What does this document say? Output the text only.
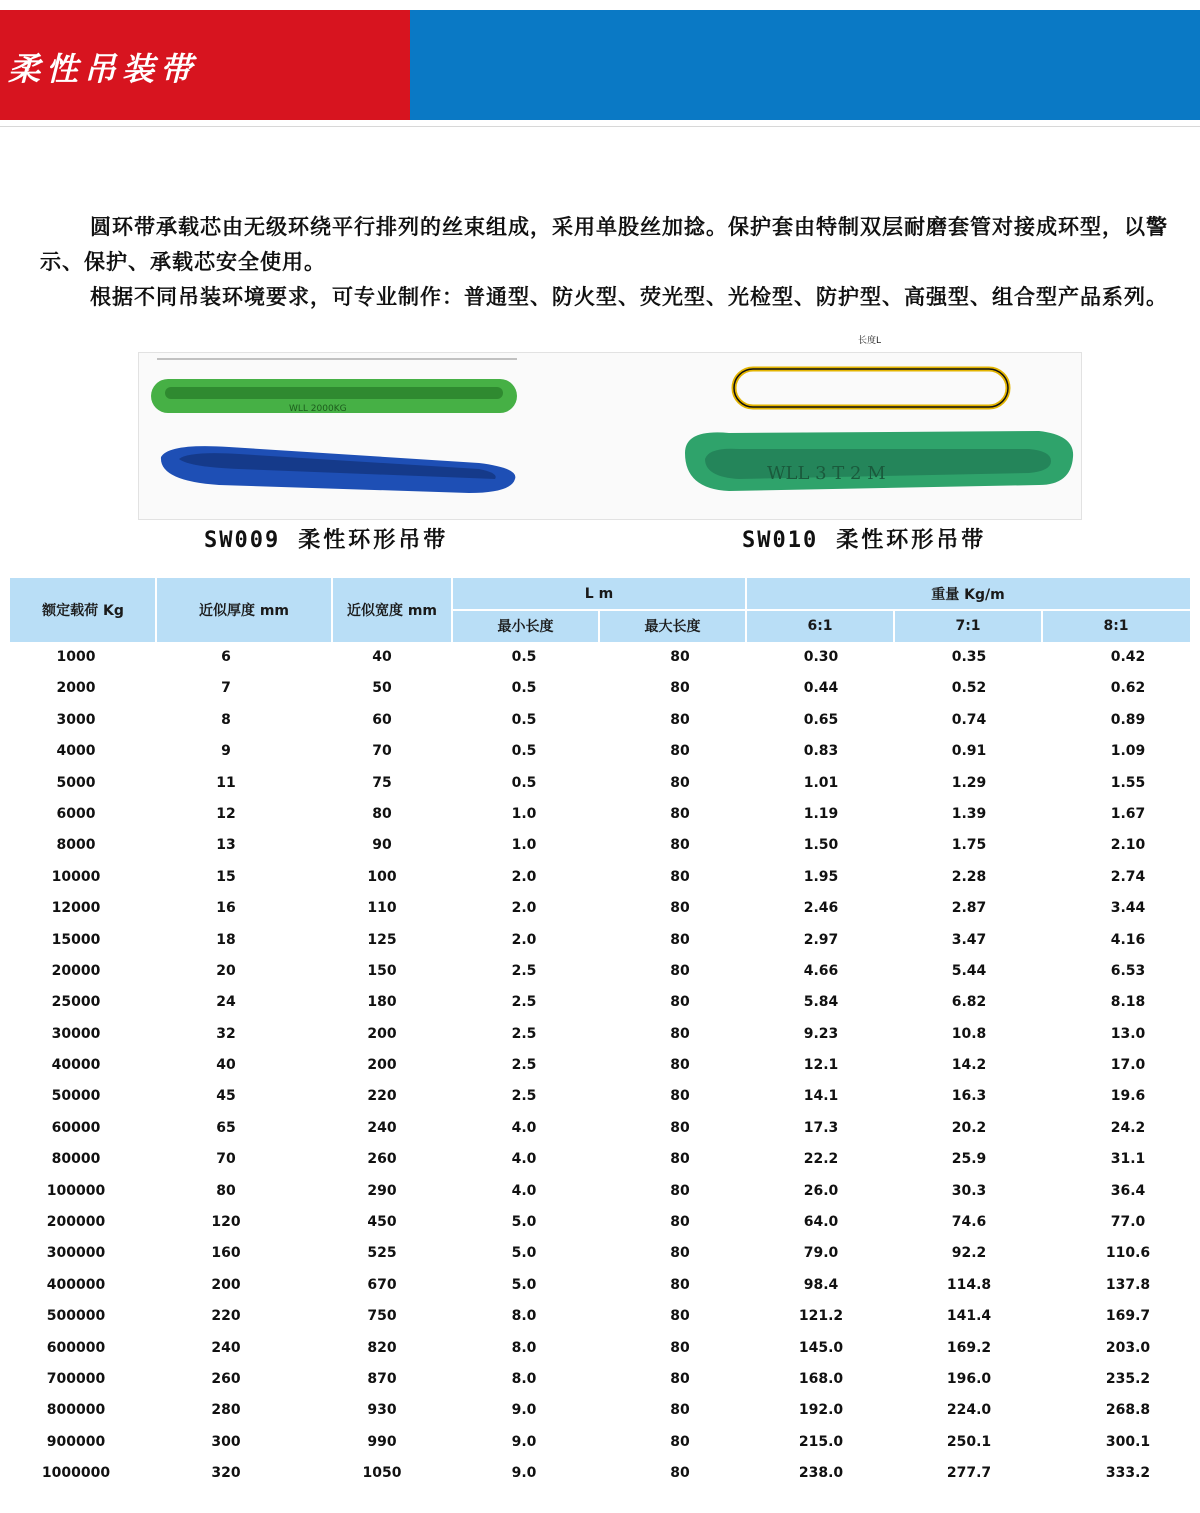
柔性吊装带

圆环带承载芯由无级环绕平行排列的丝束组成，采用单股丝加捻。保护套由特制双层耐磨套管对接成环型，以警示、保护、承载芯安全使用。

根据不同吊装环境要求，可专业制作：普通型、防火型、荧光型、光检型、防护型、高强型、组合型产品系列。

WLL 2000KG
WLL 3 T 2 M
长度L
SW009 柔性环形吊带	SW010 柔性环形吊带
额定载荷 Kg	近似厚度 mm	近似宽度 mm
L m
最小长度	最大长度
重量 Kg/m
6:1	7:1	8:1
1000	6	40	0.5	80	0.30	0.35	0.42
2000	7	50	0.5	80	0.44	0.52	0.62
3000	8	60	0.5	80	0.65	0.74	0.89
4000	9	70	0.5	80	0.83	0.91	1.09
5000	11	75	0.5	80	1.01	1.29	1.55
6000	12	80	1.0	80	1.19	1.39	1.67
8000	13	90	1.0	80	1.50	1.75	2.10
10000	15	100	2.0	80	1.95	2.28	2.74
12000	16	110	2.0	80	2.46	2.87	3.44
15000	18	125	2.0	80	2.97	3.47	4.16
20000	20	150	2.5	80	4.66	5.44	6.53
25000	24	180	2.5	80	5.84	6.82	8.18
30000	32	200	2.5	80	9.23	10.8	13.0
40000	40	200	2.5	80	12.1	14.2	17.0
50000	45	220	2.5	80	14.1	16.3	19.6
60000	65	240	4.0	80	17.3	20.2	24.2
80000	70	260	4.0	80	22.2	25.9	31.1
100000	80	290	4.0	80	26.0	30.3	36.4
200000	120	450	5.0	80	64.0	74.6	77.0
300000	160	525	5.0	80	79.0	92.2	110.6
400000	200	670	5.0	80	98.4	114.8	137.8
500000	220	750	8.0	80	121.2	141.4	169.7
600000	240	820	8.0	80	145.0	169.2	203.0
700000	260	870	8.0	80	168.0	196.0	235.2
800000	280	930	9.0	80	192.0	224.0	268.8
900000	300	990	9.0	80	215.0	250.1	300.1
1000000	320	1050	9.0	80	238.0	277.7	333.2
